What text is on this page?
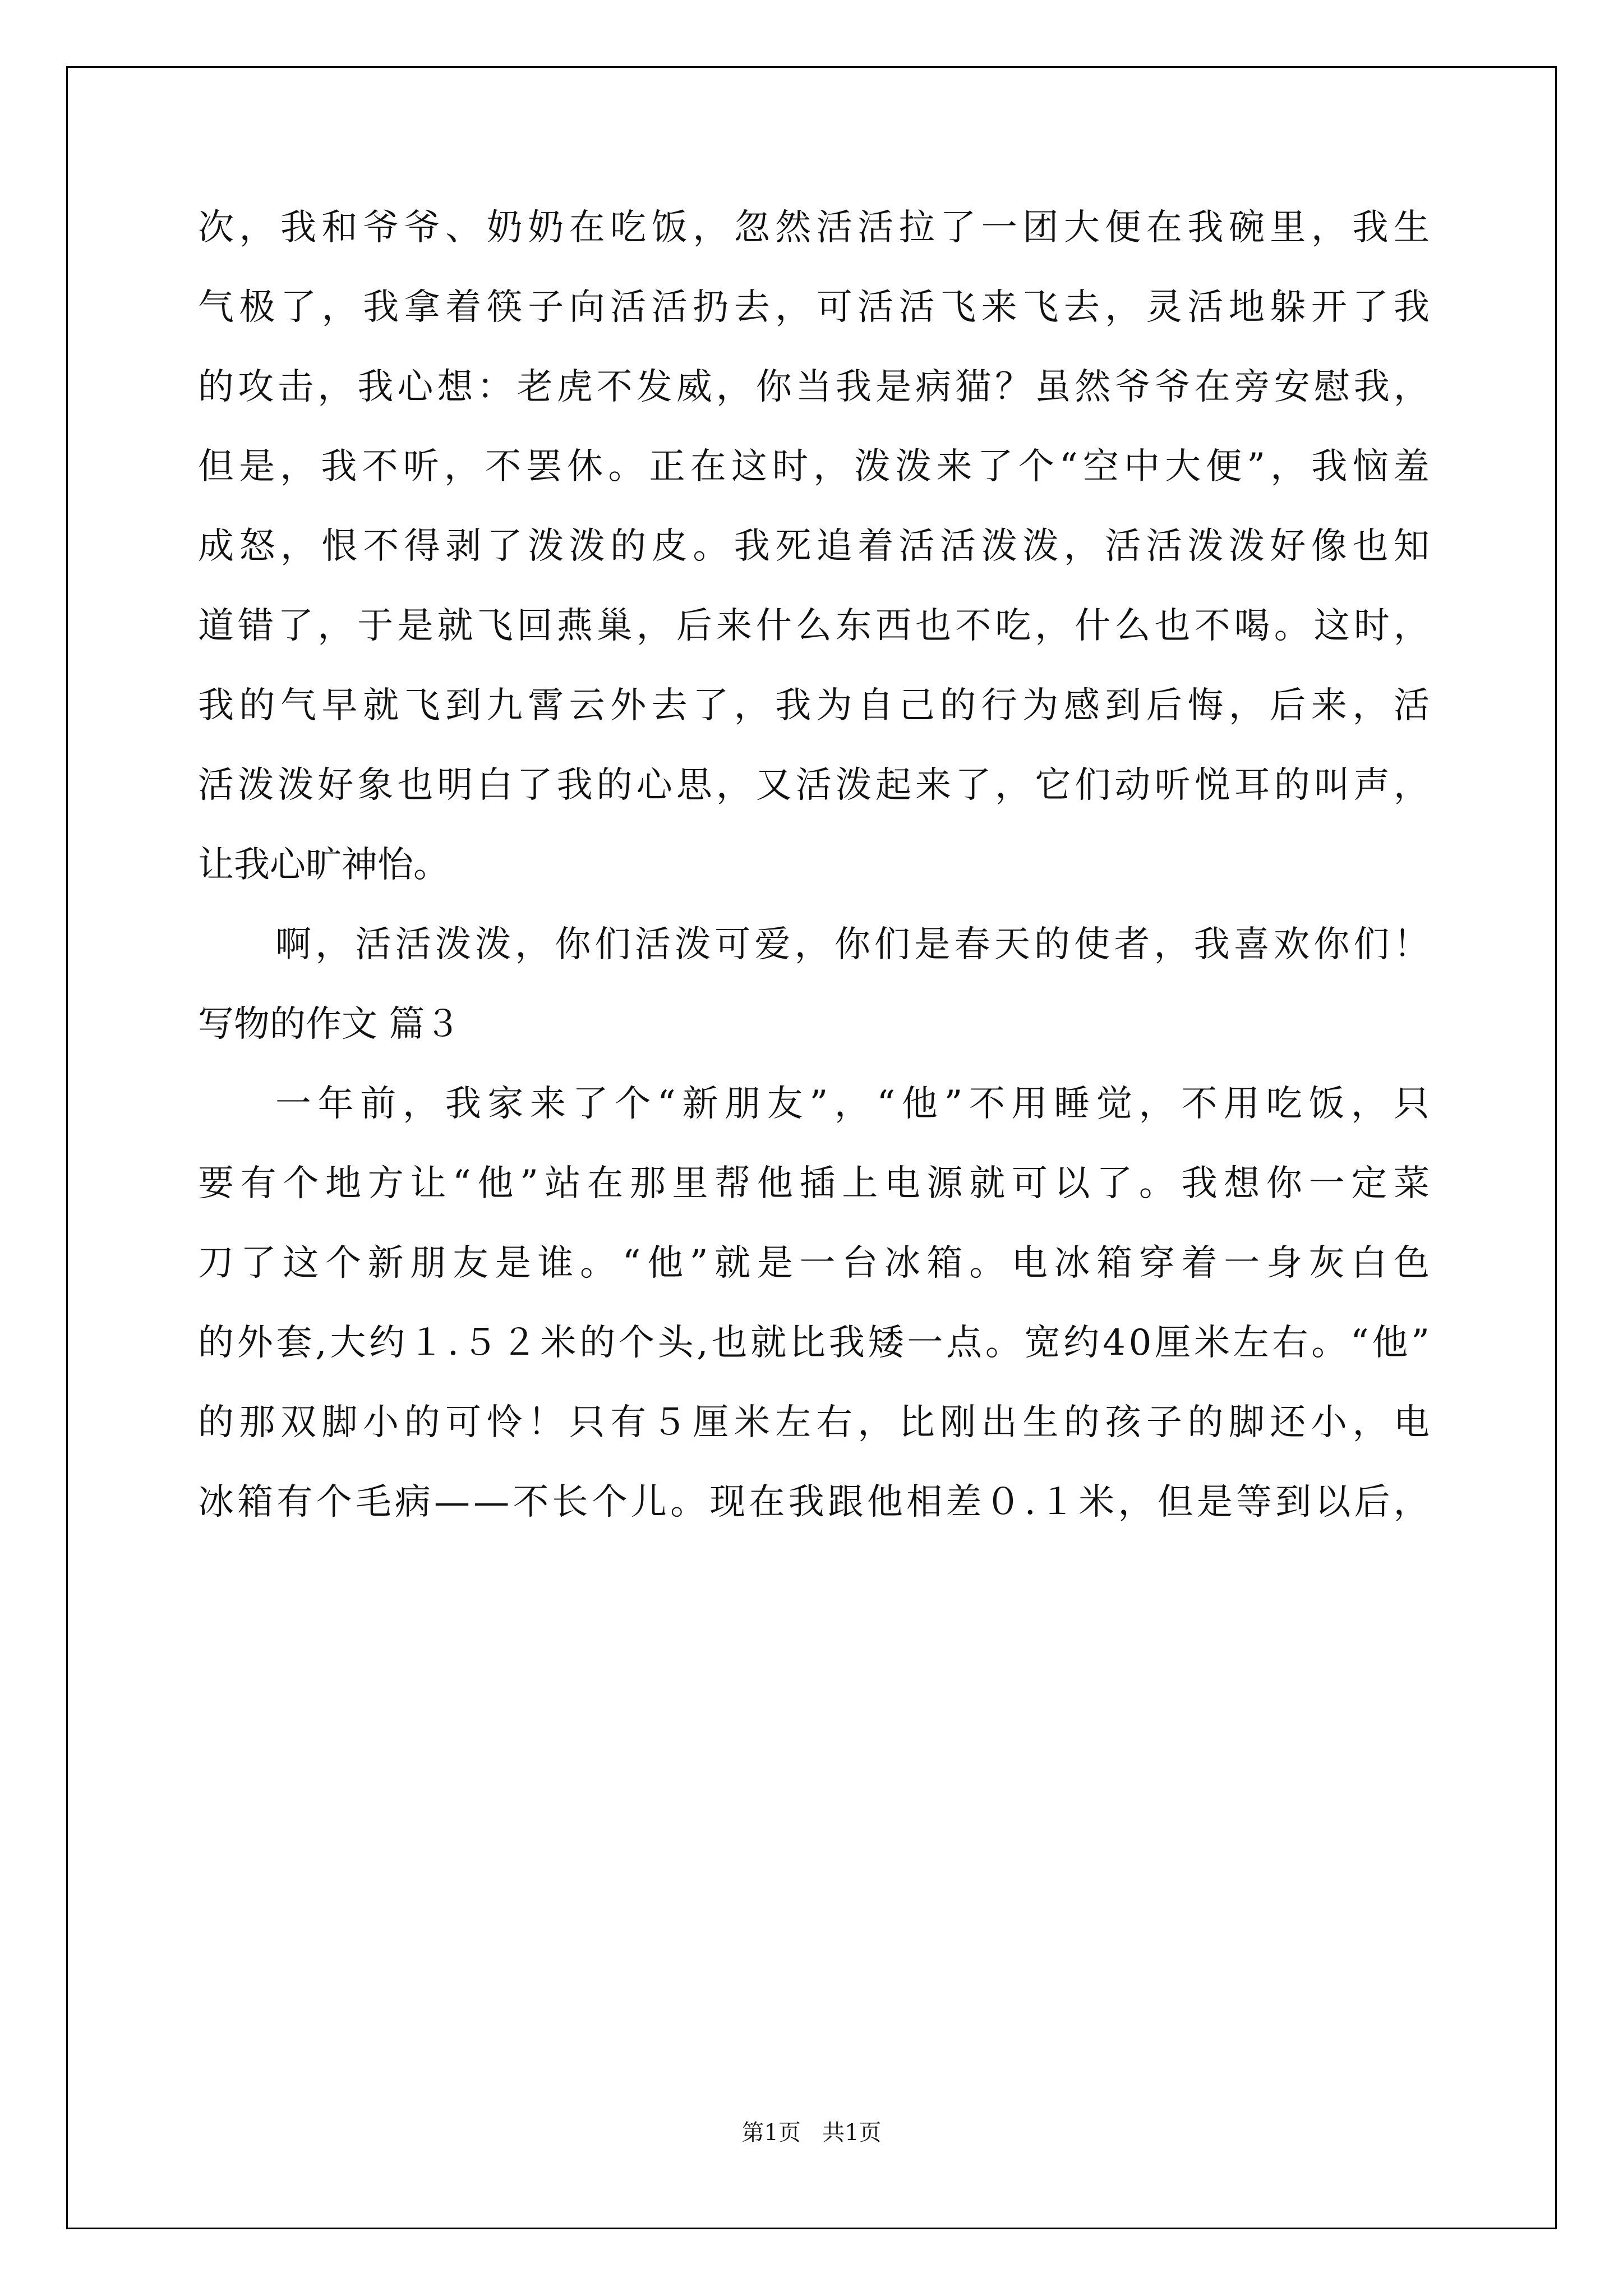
次 ， 我 和 爷 爷 、 奶 奶 在 吃 饭 ， 忽 然 活 活 拉 了 一 团 大 便 在 我 碗 里 ， 我 生
气 极 了 ， 我 拿 着 筷 子 向 活 活 扔 去 ， 可 活 活 飞 来 飞 去 ， 灵 活 地 躲 开 了 我
的 攻 击 ， 我 心 想 ： 老 虎 不 发 威 ， 你 当 我 是 病 猫 ？ 虽 然 爷 爷 在 旁 安 慰 我 ，
但 是 ， 我 不 听 ， 不 罢 休 。 正 在 这 时 ， 泼 泼 来 了 个 “ 空 中 大 便 ” ， 我 恼 羞
成 怒 ， 恨 不 得 剥 了 泼 泼 的 皮 。 我 死 追 着 活 活 泼 泼 ， 活 活 泼 泼 好 像 也 知
道 错 了 ， 于 是 就 飞 回 燕 巢 ， 后 来 什 么 东 西 也 不 吃 ， 什 么 也 不 喝 。 这 时 ，
我 的 气 早 就 飞 到 九 霄 云 外 去 了 ， 我 为 自 己 的 行 为 感 到 后 悔 ， 后 来 ， 活
活 泼 泼 好 象 也 明 白 了 我 的 心 思 ， 又 活 泼 起 来 了 ， 它 们 动 听 悦 耳 的 叫 声 ，
让我心旷神怡。
啊 ， 活 活 泼 泼 ， 你 们 活 泼 可 爱 ， 你 们 是 春 天 的 使 者 ， 我 喜 欢 你 们 ！
写物的作文 篇３
一 年 前 ， 我 家 来 了 个 “ 新 朋 友 ” ， “ 他 ” 不 用 睡 觉 ， 不 用 吃 饭 ， 只
要 有 个 地 方 让 “ 他 ” 站 在 那 里 帮 他 插 上 电 源 就 可 以 了 。 我 想 你 一 定 菜
刀 了 这 个 新 朋 友 是 谁 。 “ 他 ” 就 是 一 台 冰 箱 。 电 冰 箱 穿 着 一 身 灰 白 色
的 外 套 , 大 约 １ . ５ ２ 米 的 个 头 , 也 就 比 我 矮 一 点 。 宽 约 4 0 厘 米 左 右 。 “ 他 ”
的 那 双 脚 小 的 可 怜 ！ 只 有 ５ 厘 米 左 右 ， 比 刚 出 生 的 孩 子 的 脚 还 小 ， 电
冰 箱 有 个 毛 病 — — 不 长 个 儿 。 现 在 我 跟 他 相 差 ０ . １ 米 ， 但 是 等 到 以 后 ，
第1页 共1页
